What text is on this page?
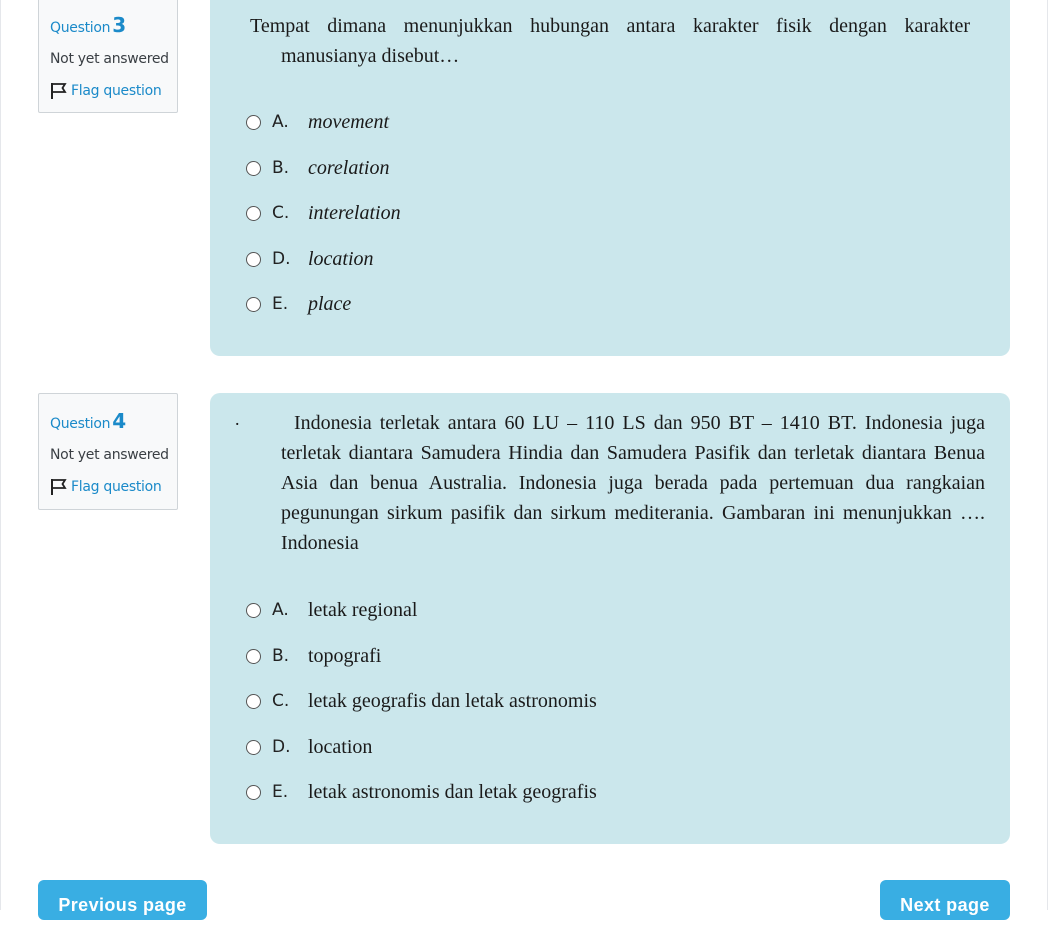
Question 3
Not yet answered
Flag question
Tempat dimana menunjukkan hubungan antara karakter fisik dengan karakter
manusianya disebut…
A. movement
B. corelation
C. interelation
D. location
E. place
Question 4
Not yet answered
Flag question
.	Indonesia terletak antara 60 LU – 110 LS dan 950 BT – 1410 BT. Indonesia juga
terletak diantara Samudera Hindia dan Samudera Pasifik dan terletak diantara Benua
Asia dan benua Australia. Indonesia juga berada pada pertemuan dua rangkaian
pegunungan sirkum pasifik dan sirkum mediterania. Gambaran ini menunjukkan ….
Indonesia
A. letak regional
B. topografi
C. letak geografis dan letak astronomis
D. location
E. letak astronomis dan letak geografis
Previous page	Next page
